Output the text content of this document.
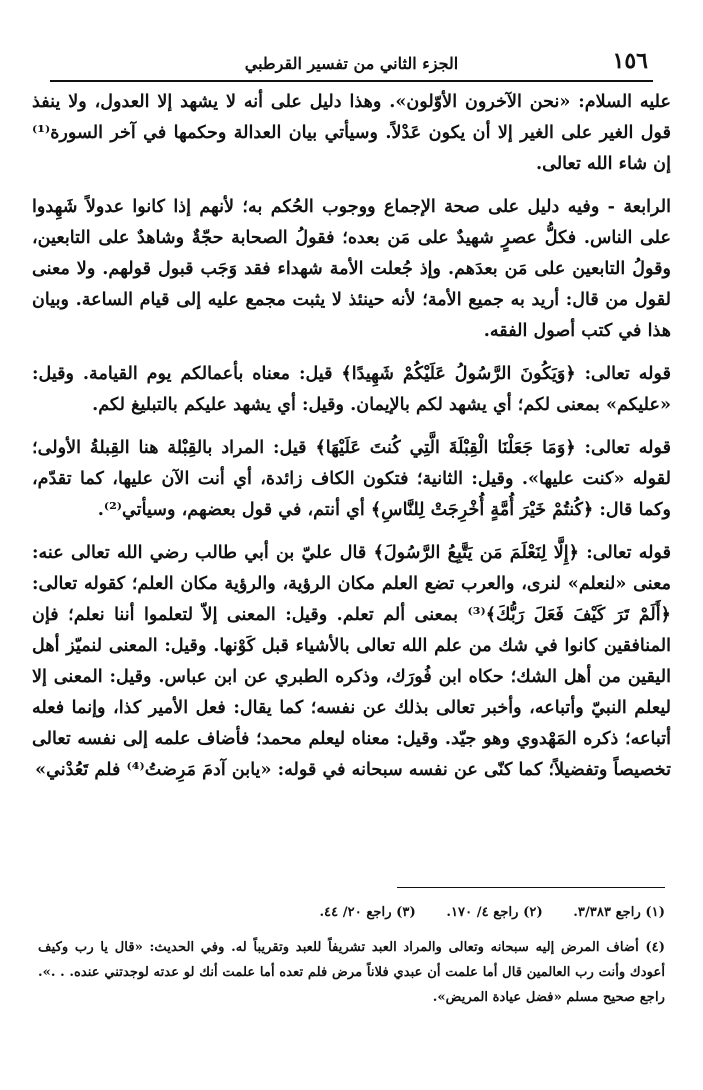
١٥٦
الجزء الثاني من تفسير القرطبي

عليه السلام: «نحن الآخرون الأوّلون». وهذا دليل على أنه لا يشهد إلا العدول، ولا ينفذ قول الغير على الغير إلا أن يكون عَدْلاً. وسيأتي بيان العدالة وحكمها في آخر السورة⁽¹⁾ إن شاء الله تعالى.

الرابعة - وفيه دليل على صحة الإجماع ووجوب الحُكم به؛ لأنهم إذا كانوا عدولاً شَهِدوا على الناس. فكلُّ عصرٍ شهيدٌ على مَن بعده؛ فقولُ الصحابة حجّةٌ وشاهدٌ على التابعين، وقولُ التابعين على مَن بعدَهم. وإذ جُعلت الأمة شهداء فقد وَجَب قبول قولهم. ولا معنى لقول من قال: أريد به جميع الأمة؛ لأنه حينئذ لا يثبت مجمع عليه إلى قيام الساعة. وبيان هذا في كتب أصول الفقه.

قوله تعالى: ﴿وَيَكُونَ الرَّسُولُ عَلَيْكُمْ شَهِيدًا﴾ قيل: معناه بأعمالكم يوم القيامة. وقيل: «عليكم» بمعنى لكم؛ أي يشهد لكم بالإيمان. وقيل: أي يشهد عليكم بالتبليغ لكم.

قوله تعالى: ﴿وَمَا جَعَلْنَا الْقِبْلَةَ الَّتِي كُنتَ عَلَيْهَا﴾ قيل: المراد بالقِبْلة هنا القِبلةُ الأولى؛ لقوله «كنت عليها». وقيل: الثانية؛ فتكون الكاف زائدة، أي أنت الآن عليها، كما تقدّم، وكما قال: ﴿كُنتُمْ خَيْرَ أُمَّةٍ أُخْرِجَتْ لِلنَّاسِ﴾ أي أنتم، في قول بعضهم، وسيأتي⁽²⁾.

قوله تعالى: ﴿إِلَّا لِنَعْلَمَ مَن يَتَّبِعُ الرَّسُولَ﴾ قال عليّ بن أبي طالب رضي الله تعالى عنه: معنى «لنعلم» لنرى، والعرب تضع العلم مكان الرؤية، والرؤية مكان العلم؛ كقوله تعالى: ﴿أَلَمْ تَرَ كَيْفَ فَعَلَ رَبُّكَ﴾⁽³⁾ بمعنى ألم تعلم. وقيل: المعنى إلاّ لتعلموا أننا نعلم؛ فإن المنافقين كانوا في شك من علم الله تعالى بالأشياء قبل كَوْنها. وقيل: المعنى لنميّز أهل اليقين من أهل الشك؛ حكاه ابن فُورَك، وذكره الطبري عن ابن عباس. وقيل: المعنى إلا ليعلم النبيّ وأتباعه، وأخبر تعالى بذلك عن نفسه؛ كما يقال: فعل الأمير كذا، وإنما فعله أتباعه؛ ذكره المَهْدوي وهو جيّد. وقيل: معناه ليعلم محمد؛ فأضاف علمه إلى نفسه تعالى تخصيصاً وتفضيلاً؛ كما كنّى عن نفسه سبحانه في قوله: «يابن آدمَ مَرِضتُ⁽⁴⁾ فلم تَعُدْني»

(١) راجع ٣/٣٨٣. (٢) راجع ٤/ ١٧٠. (٣) راجع ٢٠/ ٤٤.

(٤) أضاف المرض إليه سبحانه وتعالى والمراد العبد تشريفاً للعبد وتقريباً له. وفي الحديث: «قال يا رب وكيف أعودك وأنت رب العالمين قال أما علمت أن عبدي فلاناً مرض فلم تعده أما علمت أنك لو عدته لوجدتني عنده. . .». راجع صحيح مسلم «فضل عيادة المريض».
